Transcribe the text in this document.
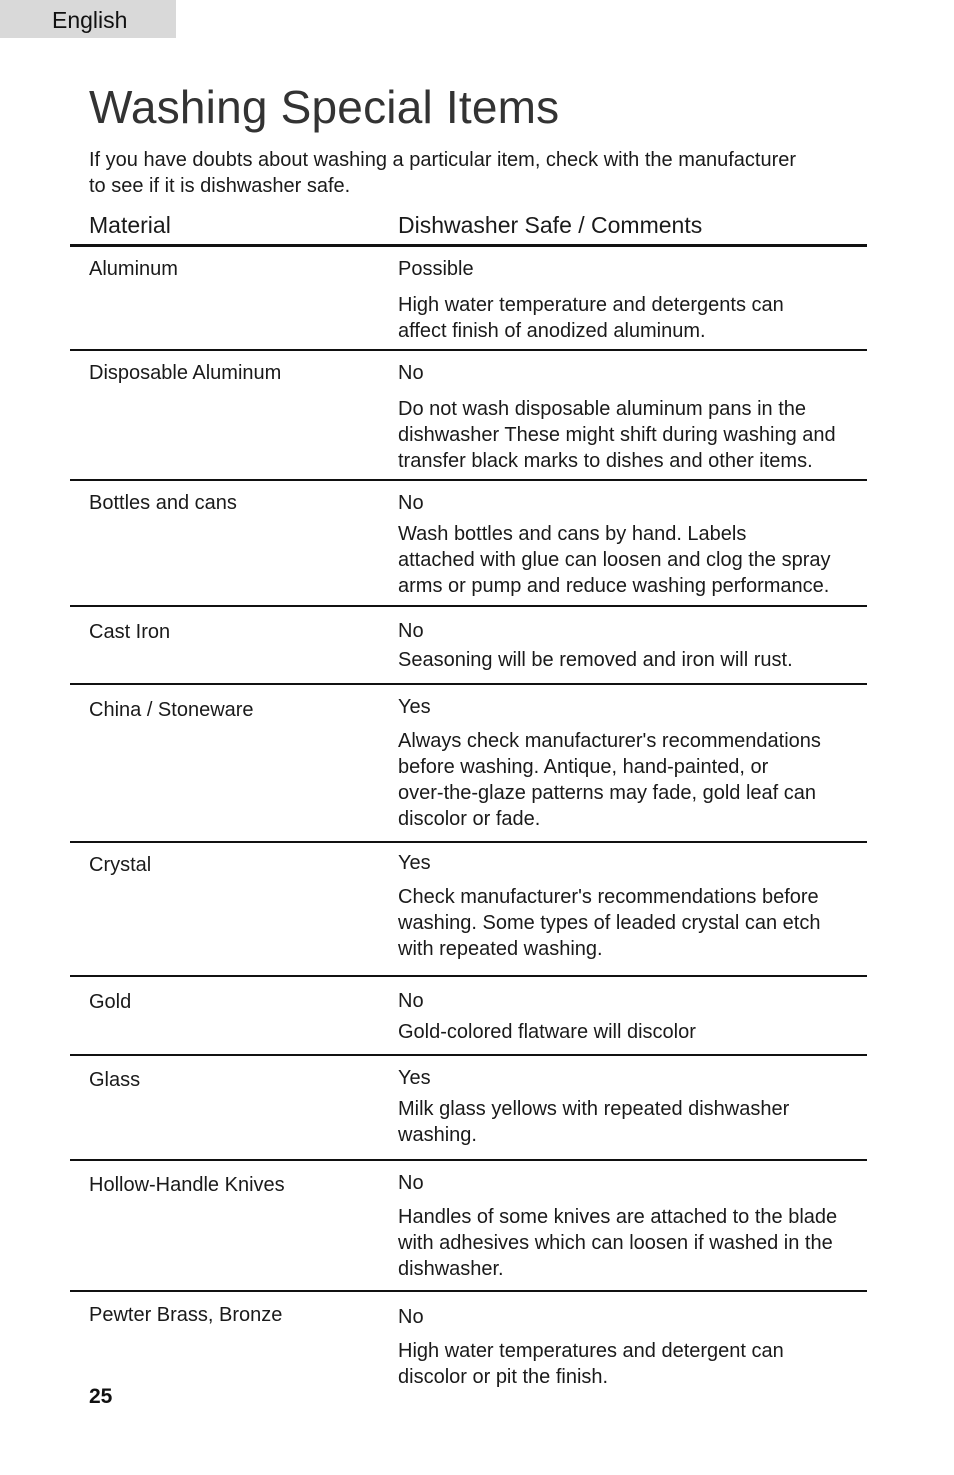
English
Washing Special Items

If you have doubts about washing a particular item, check with the manufacturer
to see if it is dishwasher safe.

Material	Dishwasher Safe / Comments
Aluminum	Possible
High water temperature and detergents can
affect finish of anodized aluminum.
Disposable Aluminum	No
Do not wash disposable aluminum pans in the
dishwasher These might shift during washing and
transfer black marks to dishes and other items.
Bottles and cans	No
Wash bottles and cans by hand. Labels
attached with glue can loosen and clog the spray
arms or pump and reduce washing performance.
Cast Iron	No
Seasoning will be removed and iron will rust.
China / Stoneware	Yes
Always check manufacturer's recommendations
before washing. Antique, hand-painted, or
over-the-glaze patterns may fade, gold leaf can
discolor or fade.
Crystal	Yes
Check manufacturer's recommendations before
washing. Some types of leaded crystal can etch
with repeated washing.
Gold	No
Gold-colored flatware will discolor
Glass	Yes
Milk glass yellows with repeated dishwasher
washing.
Hollow-Handle Knives	No
Handles of some knives are attached to the blade
with adhesives which can loosen if washed in the
dishwasher.
Pewter Brass, Bronze	No
High water temperatures and detergent can
discolor or pit the finish.
25
